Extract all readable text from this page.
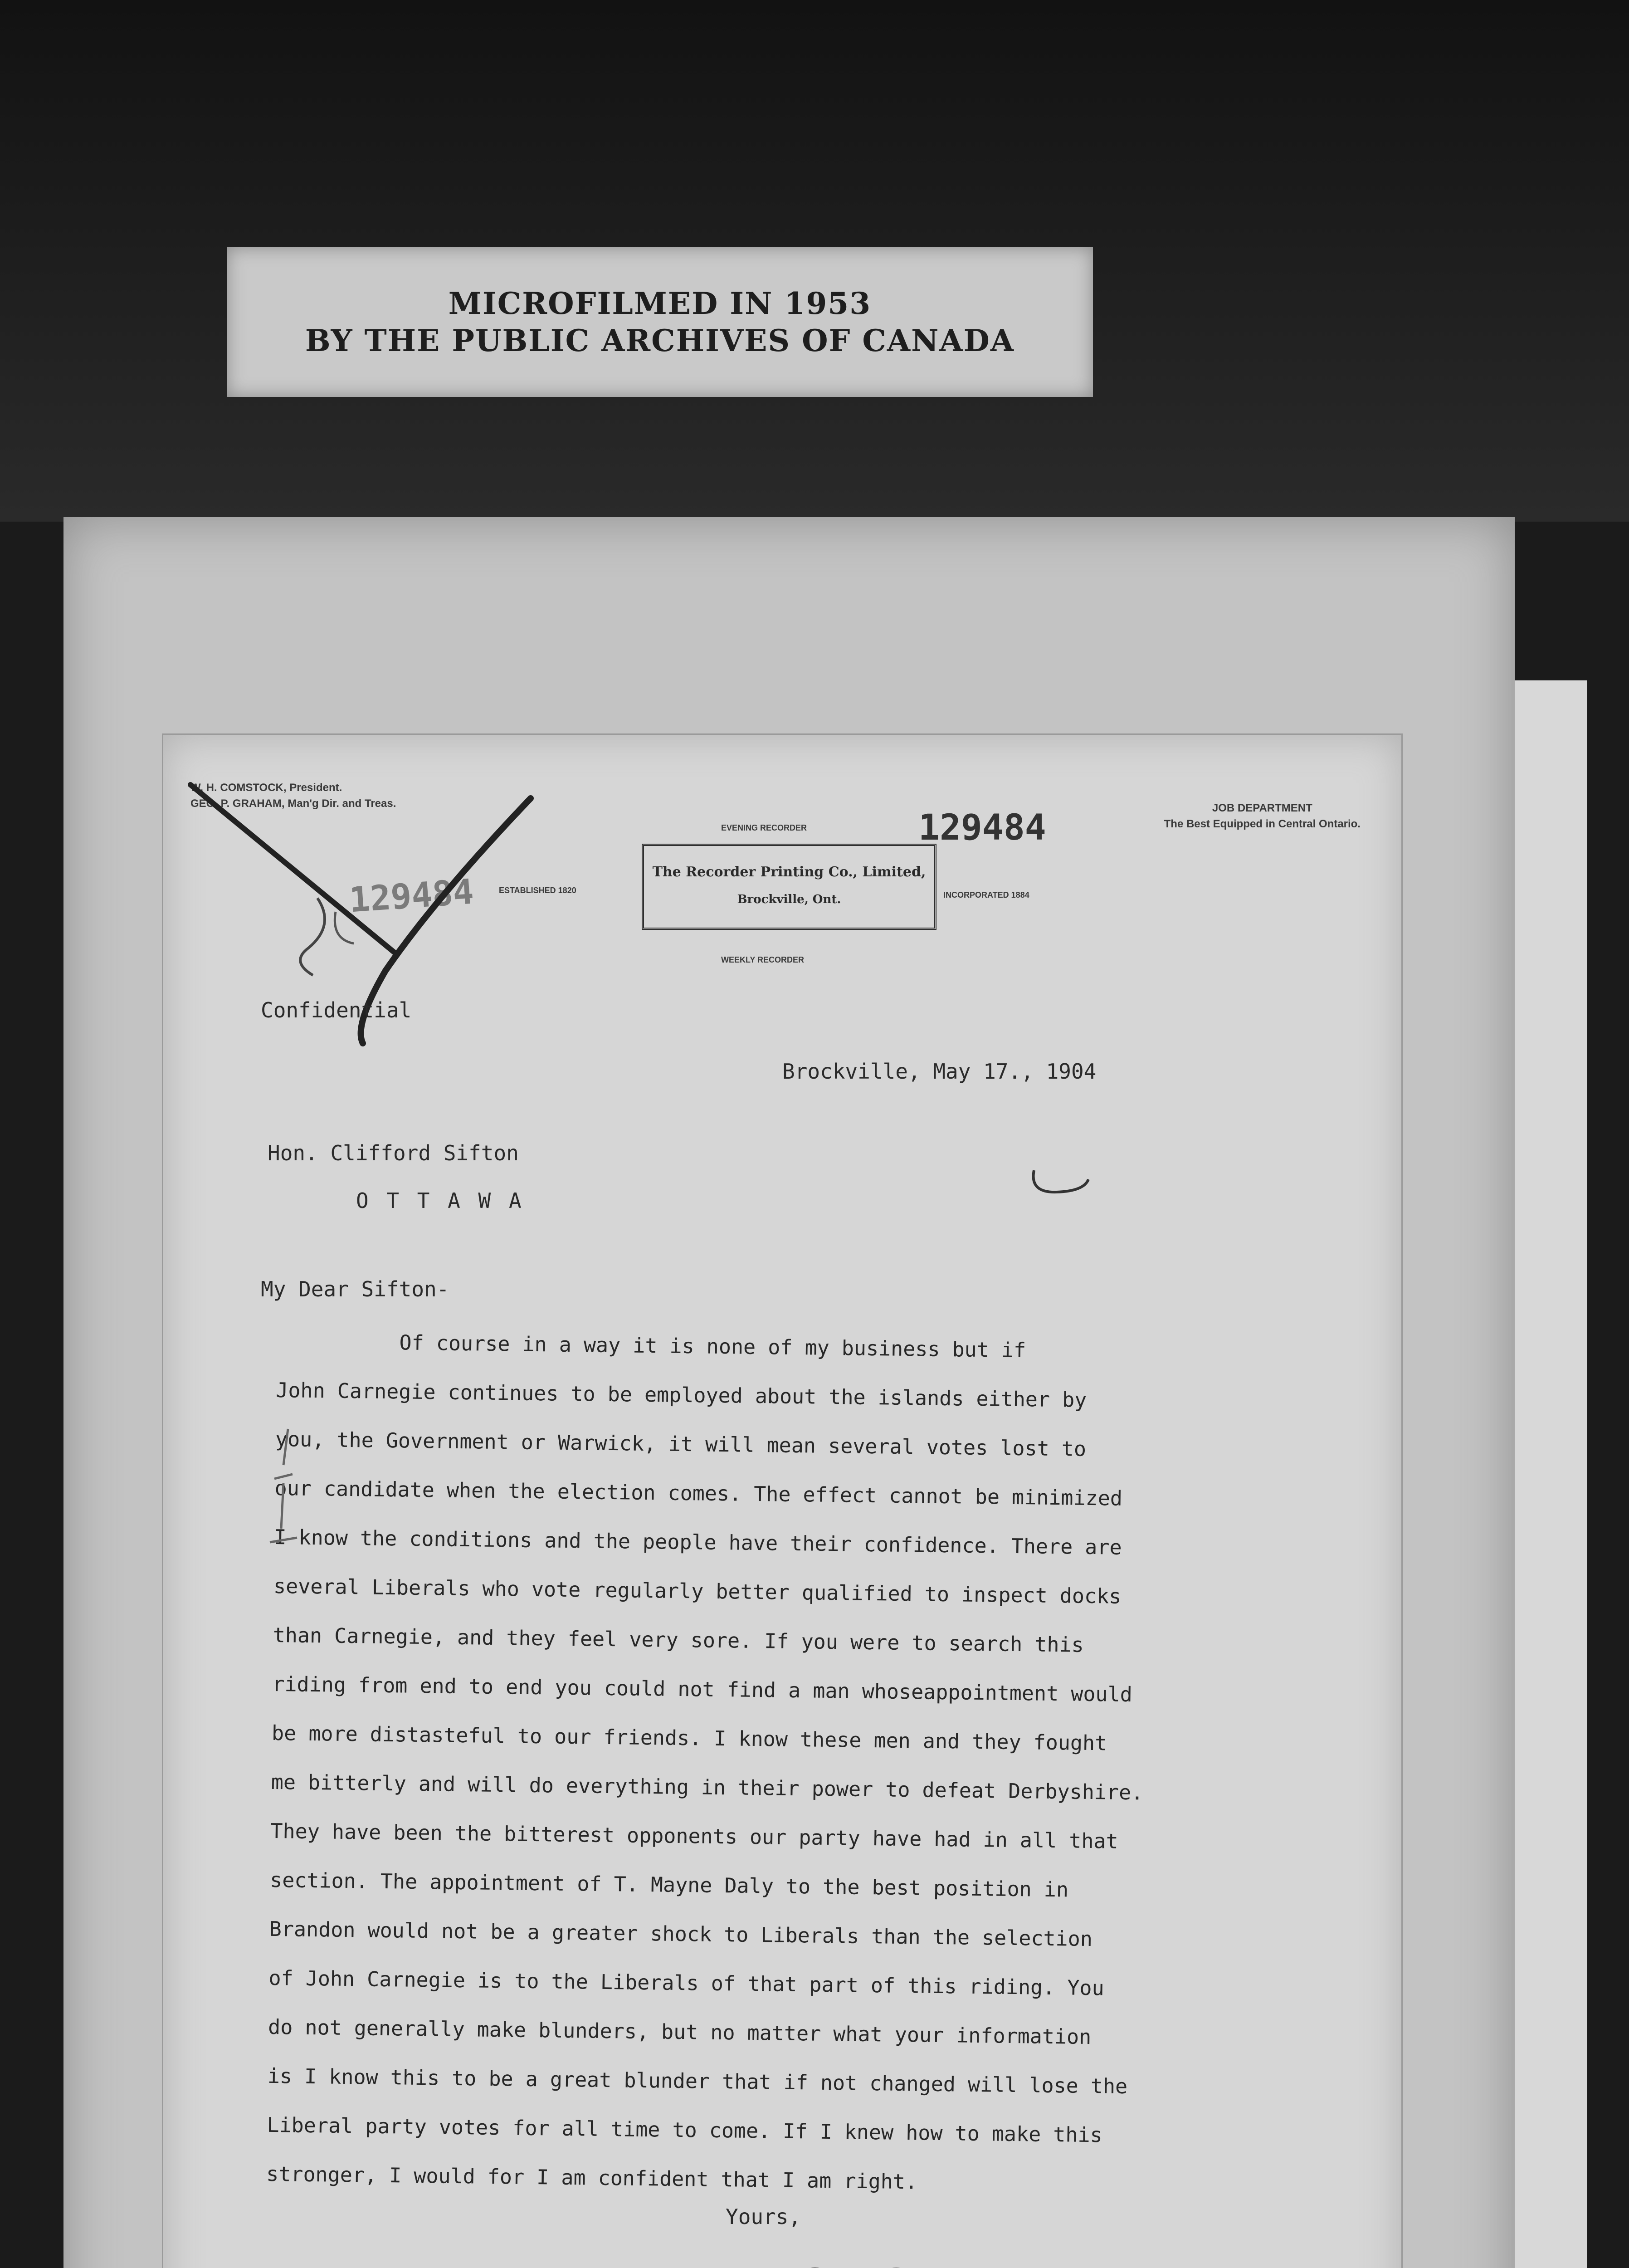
MICROFILMED IN 1953
BY THE PUBLIC ARCHIVES OF CANADA
W. H. COMSTOCK, President.
GEO. P. GRAHAM, Man'g Dir. and Treas.	JOB DEPARTMENT
The Best Equipped in Central Ontario.
EVENING RECORDER
WEEKLY RECORDER
ESTABLISHED 1820	INCORPORATED 1884
The Recorder Printing Co., Limited,
Brockville, Ont.
129484
129484
Confidential
Brockville, May 17., 1904
Hon. Clifford Sifton
O T T A W A
My Dear Sifton-
Of course in a way it is none of my business but if
John Carnegie continues to be employed about the islands either by
you, the Government or Warwick, it will mean several votes lost to
our candidate when the election comes. The effect cannot be minimized
I know the conditions and the people have their confidence. There are
several Liberals who vote regularly better qualified to inspect docks
than Carnegie, and they feel very sore. If you were to search this
riding from end to end you could not find a man whoseappointment would
be more distasteful to our friends. I know these men and they fought
me bitterly and will do everything in their power to defeat Derbyshire.
They have been the bitterest opponents our party have had in all that
section. The appointment of T. Mayne Daly to the best position in
Brandon would not be a greater shock to Liberals than the selection
of John Carnegie is to the Liberals of that part of this riding. You
do not generally make blunders, but no matter what your information
is I know this to be a great blunder that if not changed will lose the
Liberal party votes for all time to come. If I knew how to make this
stronger, I would for I am confident that I am right.
Yours,
